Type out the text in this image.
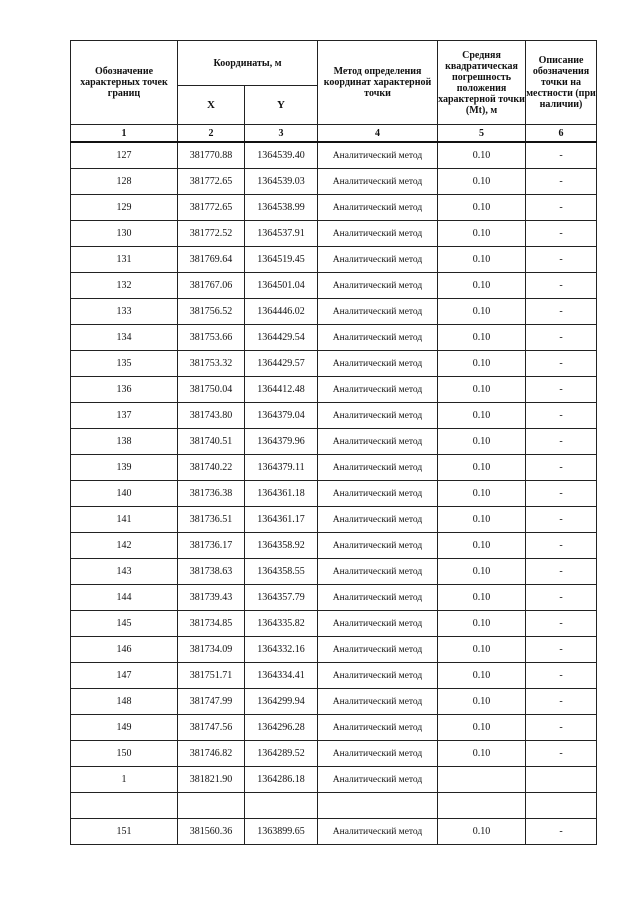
Обозначение характерных точек границ	Координаты, м		Метод определения координат характерной точки	Средняя квадратическая погрешность положения характерной точки (Mt), м	Описание обозначения точки на местности (при наличии)
	X	Y			
1	2	3	4	5	6
127	381770.88	1364539.40	Аналитический метод	0.10	-
128	381772.65	1364539.03	Аналитический метод	0.10	-
129	381772.65	1364538.99	Аналитический метод	0.10	-
130	381772.52	1364537.91	Аналитический метод	0.10	-
131	381769.64	1364519.45	Аналитический метод	0.10	-
132	381767.06	1364501.04	Аналитический метод	0.10	-
133	381756.52	1364446.02	Аналитический метод	0.10	-
134	381753.66	1364429.54	Аналитический метод	0.10	-
135	381753.32	1364429.57	Аналитический метод	0.10	-
136	381750.04	1364412.48	Аналитический метод	0.10	-
137	381743.80	1364379.04	Аналитический метод	0.10	-
138	381740.51	1364379.96	Аналитический метод	0.10	-
139	381740.22	1364379.11	Аналитический метод	0.10	-
140	381736.38	1364361.18	Аналитический метод	0.10	-
141	381736.51	1364361.17	Аналитический метод	0.10	-
142	381736.17	1364358.92	Аналитический метод	0.10	-
143	381738.63	1364358.55	Аналитический метод	0.10	-
144	381739.43	1364357.79	Аналитический метод	0.10	-
145	381734.85	1364335.82	Аналитический метод	0.10	-
146	381734.09	1364332.16	Аналитический метод	0.10	-
147	381751.71	1364334.41	Аналитический метод	0.10	-
148	381747.99	1364299.94	Аналитический метод	0.10	-
149	381747.56	1364296.28	Аналитический метод	0.10	-
150	381746.82	1364289.52	Аналитический метод	0.10	-
1	381821.90	1364286.18	Аналитический метод		

151	381560.36	1363899.65	Аналитический метод	0.10	-
